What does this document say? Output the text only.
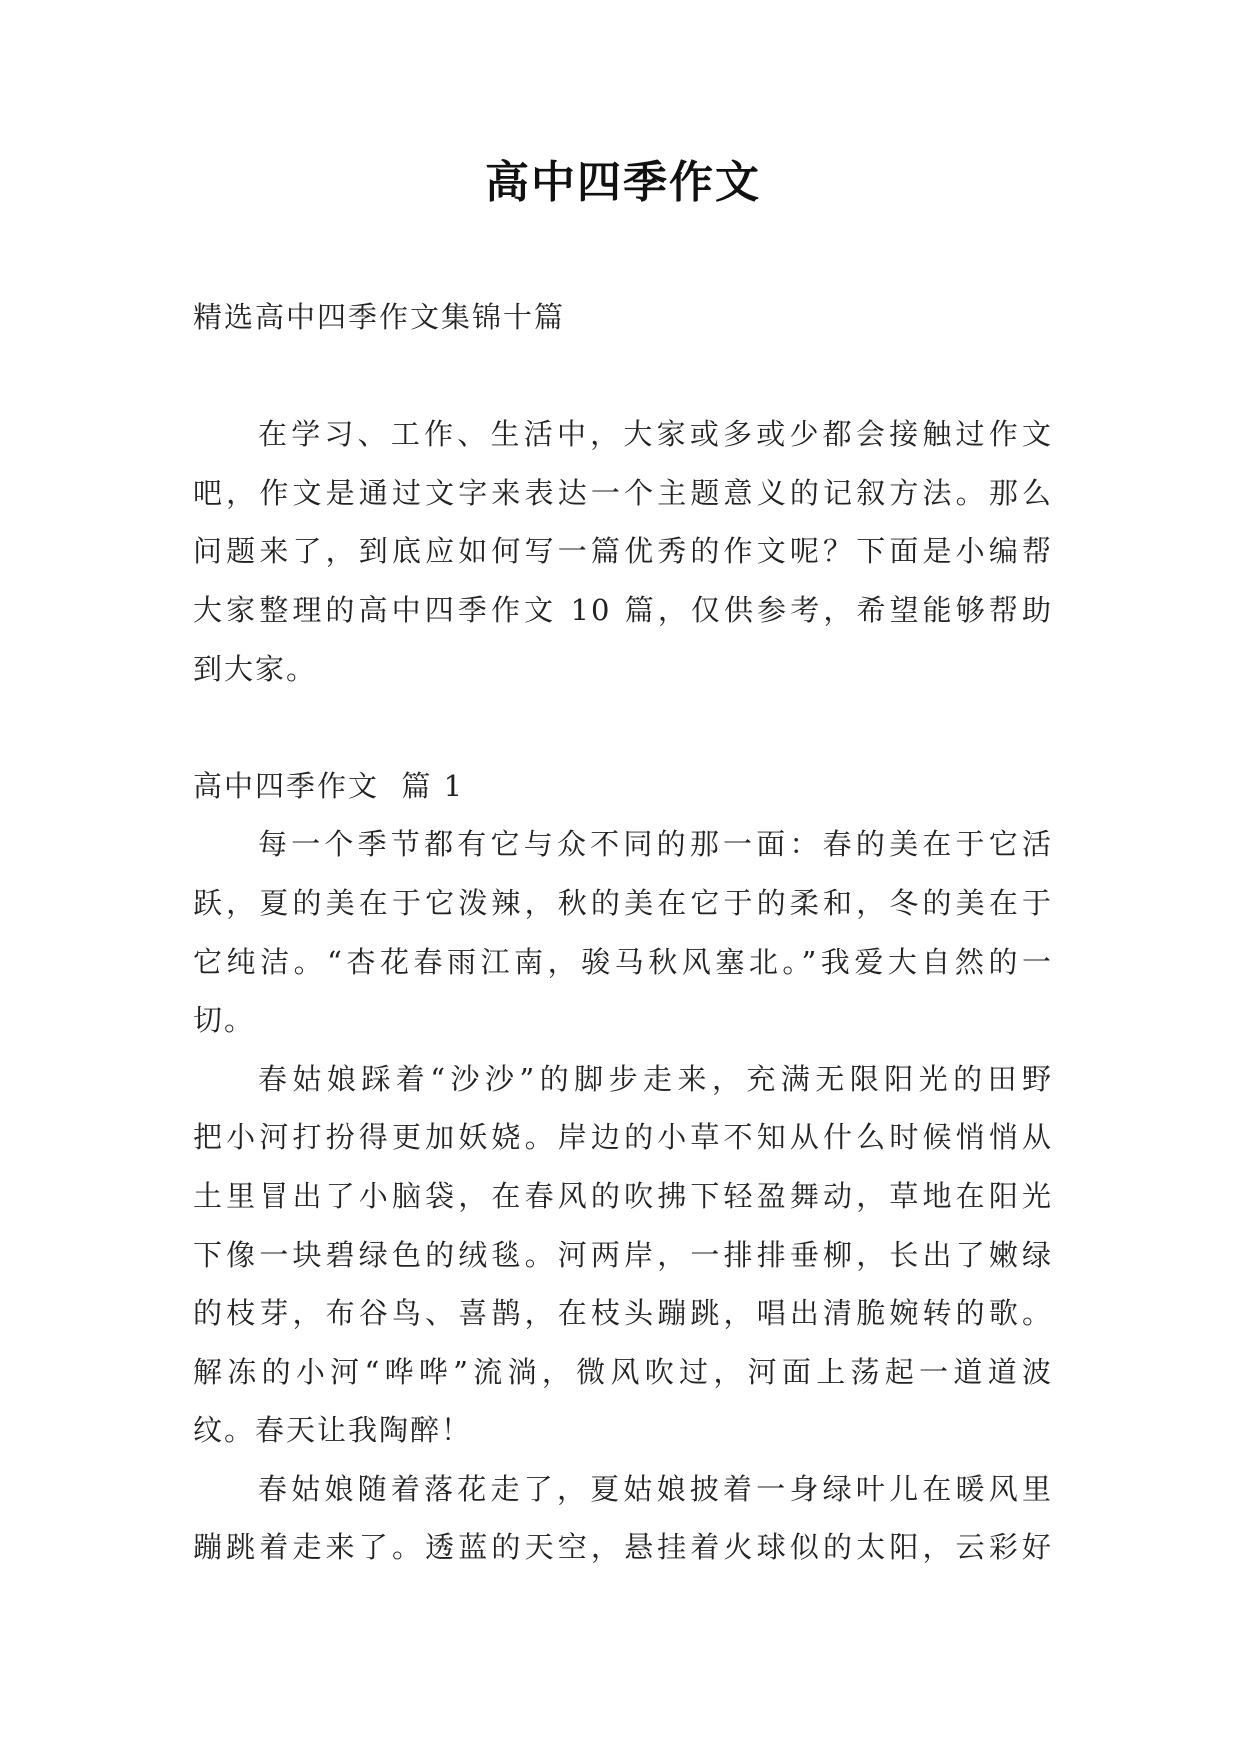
高中四季作文
精选高中四季作文集锦十篇
在学习、工作、生活中，大家或多或少都会接触过作文
吧，作文是通过文字来表达一个主题意义的记叙方法。那么
问题来了，到底应如何写一篇优秀的作文呢？下面是小编帮
大家整理的高中四季作文 10 篇，仅供参考，希望能够帮助
到大家。
高中四季作文  篇 1
每一个季节都有它与众不同的那一面：春的美在于它活
跃，夏的美在于它泼辣，秋的美在它于的柔和，冬的美在于
它纯洁。“杏花春雨江南，骏马秋风塞北。”我爱大自然的一
切。
春姑娘踩着“沙沙”的脚步走来，充满无限阳光的田野
把小河打扮得更加妖娆。岸边的小草不知从什么时候悄悄从
土里冒出了小脑袋，在春风的吹拂下轻盈舞动，草地在阳光
下像一块碧绿色的绒毯。河两岸，一排排垂柳，长出了嫩绿
的枝芽，布谷鸟、喜鹊，在枝头蹦跳，唱出清脆婉转的歌。
解冻的小河“哗哗”流淌，微风吹过，河面上荡起一道道波
纹。春天让我陶醉！
春姑娘随着落花走了，夏姑娘披着一身绿叶儿在暖风里
蹦跳着走来了。透蓝的天空，悬挂着火球似的太阳，云彩好
